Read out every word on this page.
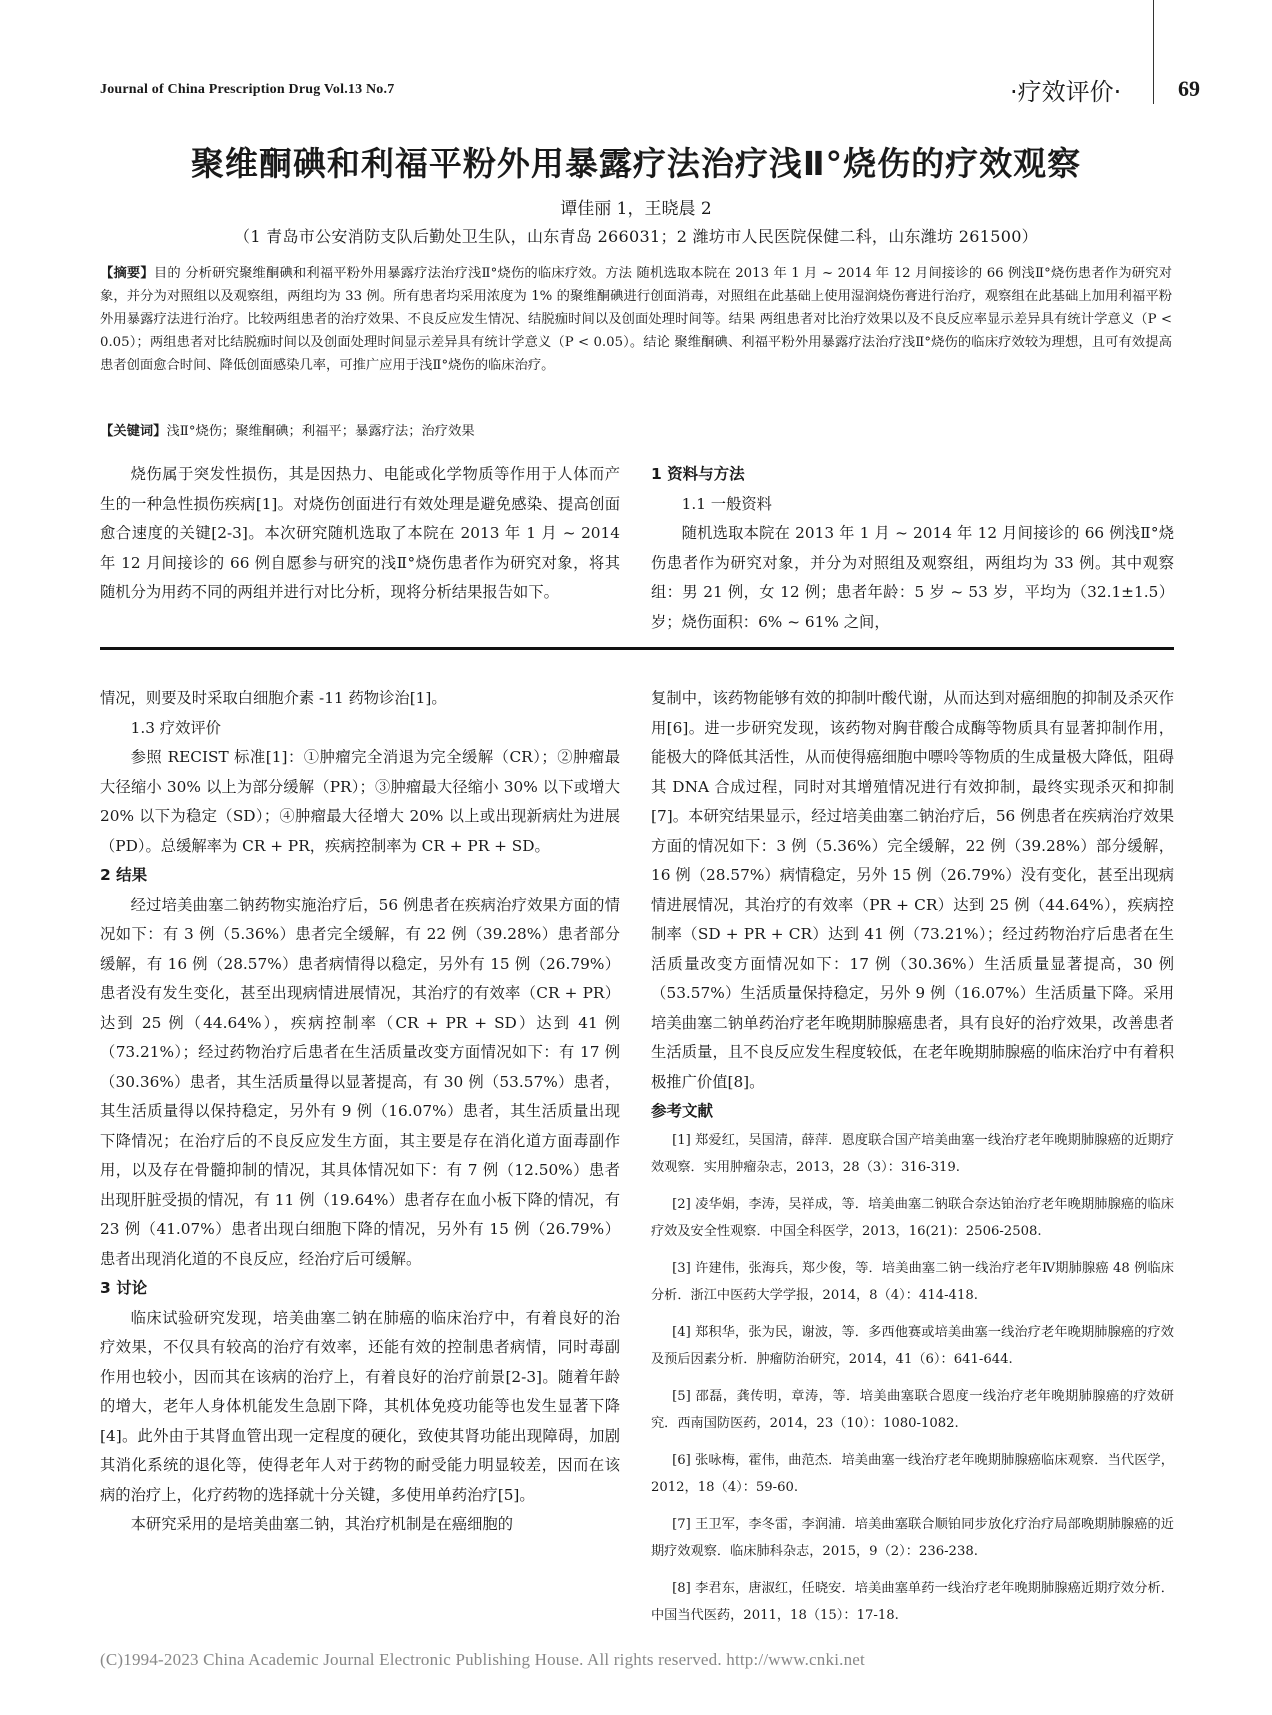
Journal of China Prescription Drug Vol.13 No.7	·疗效评价·	69
聚维酮碘和利福平粉外用暴露疗法治疗浅Ⅱ°烧伤的疗效观察
谭佳丽 1，王晓晨 2
（1 青岛市公安消防支队后勤处卫生队，山东青岛 266031；2 潍坊市人民医院保健二科，山东潍坊 261500）
【摘要】目的 分析研究聚维酮碘和利福平粉外用暴露疗法治疗浅Ⅱ°烧伤的临床疗效。方法 随机选取本院在 2013 年 1 月 ~ 2014 年 12 月间接诊的 66 例浅Ⅱ°烧伤患者作为研究对象，并分为对照组以及观察组，两组均为 33 例。所有患者均采用浓度为 1% 的聚维酮碘进行创面消毒，对照组在此基础上使用湿润烧伤膏进行治疗，观察组在此基础上加用利福平粉外用暴露疗法进行治疗。比较两组患者的治疗效果、不良反应发生情况、结脱痂时间以及创面处理时间等。结果 两组患者对比治疗效果以及不良反应率显示差异具有统计学意义（P < 0.05）；两组患者对比结脱痂时间以及创面处理时间显示差异具有统计学意义（P < 0.05）。结论 聚维酮碘、利福平粉外用暴露疗法治疗浅Ⅱ°烧伤的临床疗效较为理想，且可有效提高患者创面愈合时间、降低创面感染几率，可推广应用于浅Ⅱ°烧伤的临床治疗。
【关键词】浅Ⅱ°烧伤；聚维酮碘；利福平；暴露疗法；治疗效果

烧伤属于突发性损伤，其是因热力、电能或化学物质等作用于人体而产生的一种急性损伤疾病[1]。对烧伤创面进行有效处理是避免感染、提高创面愈合速度的关键[2-3]。本次研究随机选取了本院在 2013 年 1 月 ~ 2014 年 12 月间接诊的 66 例自愿参与研究的浅Ⅱ°烧伤患者作为研究对象，将其随机分为用药不同的两组并进行对比分析，现将分析结果报告如下。

1 资料与方法

1.1 一般资料

随机选取本院在 2013 年 1 月 ~ 2014 年 12 月间接诊的 66 例浅Ⅱ°烧伤患者作为研究对象，并分为对照组及观察组，两组均为 33 例。其中观察组：男 21 例，女 12 例；患者年龄：5 岁 ~ 53 岁，平均为（32.1±1.5）岁；烧伤面积：6% ~ 61% 之间，

情况，则要及时采取白细胞介素 -11 药物诊治[1]。

1.3 疗效评价

参照 RECIST 标准[1]：①肿瘤完全消退为完全缓解（CR）；②肿瘤最大径缩小 30% 以上为部分缓解（PR）；③肿瘤最大径缩小 30% 以下或增大 20% 以下为稳定（SD）；④肿瘤最大径增大 20% 以上或出现新病灶为进展（PD）。总缓解率为 CR + PR，疾病控制率为 CR + PR + SD。

2 结果

经过培美曲塞二钠药物实施治疗后，56 例患者在疾病治疗效果方面的情况如下：有 3 例（5.36%）患者完全缓解，有 22 例（39.28%）患者部分缓解，有 16 例（28.57%）患者病情得以稳定，另外有 15 例（26.79%）患者没有发生变化，甚至出现病情进展情况，其治疗的有效率（CR + PR）达到 25 例（44.64%），疾病控制率（CR + PR + SD）达到 41 例（73.21%）；经过药物治疗后患者在生活质量改变方面情况如下：有 17 例（30.36%）患者，其生活质量得以显著提高，有 30 例（53.57%）患者，其生活质量得以保持稳定，另外有 9 例（16.07%）患者，其生活质量出现下降情况；在治疗后的不良反应发生方面，其主要是存在消化道方面毒副作用，以及存在骨髓抑制的情况，其具体情况如下：有 7 例（12.50%）患者出现肝脏受损的情况，有 11 例（19.64%）患者存在血小板下降的情况，有 23 例（41.07%）患者出现白细胞下降的情况，另外有 15 例（26.79%）患者出现消化道的不良反应，经治疗后可缓解。

3 讨论

临床试验研究发现，培美曲塞二钠在肺癌的临床治疗中，有着良好的治疗效果，不仅具有较高的治疗有效率，还能有效的控制患者病情，同时毒副作用也较小，因而其在该病的治疗上，有着良好的治疗前景[2-3]。随着年龄的增大，老年人身体机能发生急剧下降，其机体免疫功能等也发生显著下降[4]。此外由于其肾血管出现一定程度的硬化，致使其肾功能出现障碍，加剧其消化系统的退化等，使得老年人对于药物的耐受能力明显较差，因而在该病的治疗上，化疗药物的选择就十分关键，多使用单药治疗[5]。

本研究采用的是培美曲塞二钠，其治疗机制是在癌细胞的

复制中，该药物能够有效的抑制叶酸代谢，从而达到对癌细胞的抑制及杀灭作用[6]。进一步研究发现，该药物对胸苷酸合成酶等物质具有显著抑制作用，能极大的降低其活性，从而使得癌细胞中嘌呤等物质的生成量极大降低，阻碍其 DNA 合成过程，同时对其增殖情况进行有效抑制，最终实现杀灭和抑制[7]。本研究结果显示，经过培美曲塞二钠治疗后，56 例患者在疾病治疗效果方面的情况如下：3 例（5.36%）完全缓解，22 例（39.28%）部分缓解，16 例（28.57%）病情稳定，另外 15 例（26.79%）没有变化，甚至出现病情进展情况，其治疗的有效率（PR + CR）达到 25 例（44.64%），疾病控制率（SD + PR + CR）达到 41 例（73.21%）；经过药物治疗后患者在生活质量改变方面情况如下：17 例（30.36%）生活质量显著提高，30 例（53.57%）生活质量保持稳定，另外 9 例（16.07%）生活质量下降。采用培美曲塞二钠单药治疗老年晚期肺腺癌患者，具有良好的治疗效果，改善患者生活质量，且不良反应发生程度较低，在老年晚期肺腺癌的临床治疗中有着积极推广价值[8]。

参考文献

[1] 郑爱红，吴国清，薛萍．恩度联合国产培美曲塞一线治疗老年晚期肺腺癌的近期疗效观察．实用肿瘤杂志，2013，28（3）：316-319.

[2] 凌华娟，李涛，吴祥成，等．培美曲塞二钠联合奈达铂治疗老年晚期肺腺癌的临床疗效及安全性观察．中国全科医学，2013，16(21)：2506-2508.

[3] 许建伟，张海兵，郑少俊，等．培美曲塞二钠一线治疗老年Ⅳ期肺腺癌 48 例临床分析．浙江中医药大学学报，2014，8（4）：414-418.

[4] 郑积华，张为民，谢波，等．多西他赛或培美曲塞一线治疗老年晚期肺腺癌的疗效及预后因素分析．肿瘤防治研究，2014，41（6）：641-644.

[5] 邵磊，龚传明，章涛，等．培美曲塞联合恩度一线治疗老年晚期肺腺癌的疗效研究．西南国防医药，2014，23（10）：1080-1082.

[6] 张咏梅，霍伟，曲范杰．培美曲塞一线治疗老年晚期肺腺癌临床观察．当代医学，2012，18（4）：59-60.

[7] 王卫军，李冬雷，李润浦．培美曲塞联合顺铂同步放化疗治疗局部晚期肺腺癌的近期疗效观察．临床肺科杂志，2015，9（2）：236-238.

[8] 李君东，唐淑红，任晓安．培美曲塞单药一线治疗老年晚期肺腺癌近期疗效分析．中国当代医药，2011，18（15）：17-18.

(C)1994-2023 China Academic Journal Electronic Publishing House. All rights reserved. http://www.cnki.net
